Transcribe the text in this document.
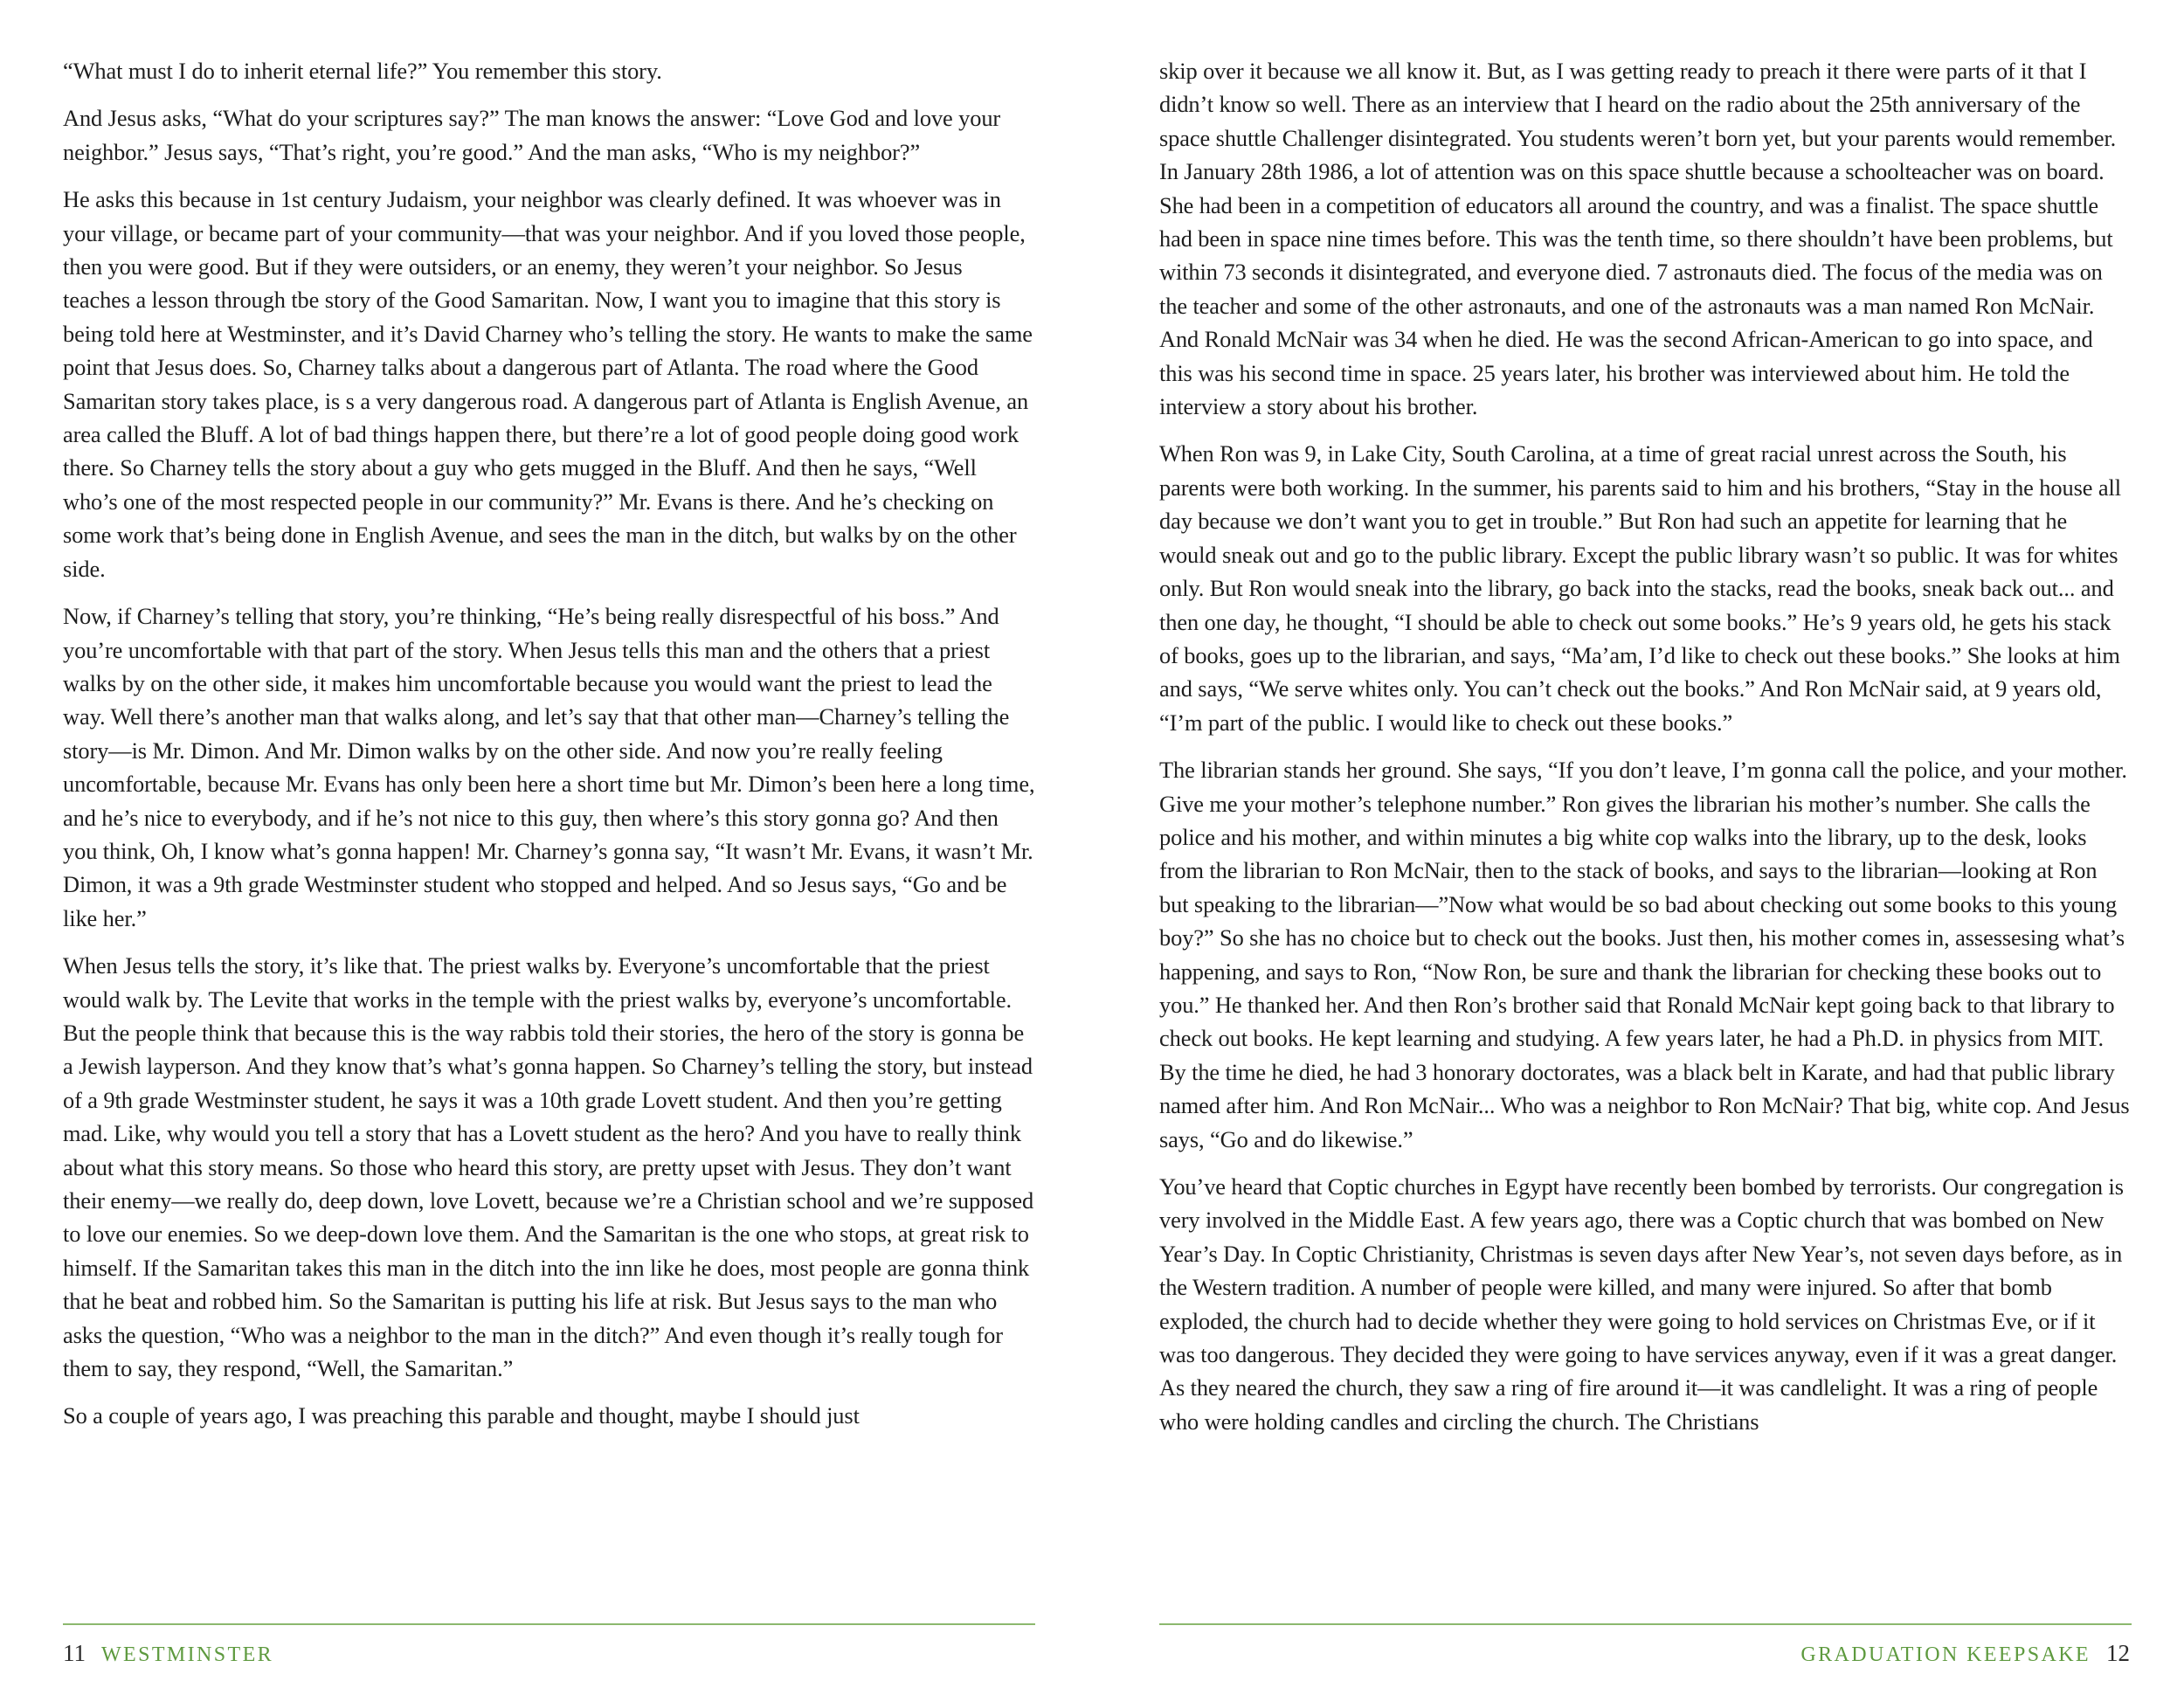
“What must I do to inherit eternal life?” You remember this story.

And Jesus asks, “What do your scriptures say?” The man knows the answer: “Love God and love your neighbor.” Jesus says, “That’s right, you’re good.” And the man asks, “Who is my neighbor?”

He asks this because in 1st century Judaism, your neighbor was clearly defined. It was whoever was in your village, or became part of your community—that was your neighbor. And if you loved those people, then you were good. But if they were outsiders, or an enemy, they weren’t your neighbor. So Jesus teaches a lesson through tbe story of the Good Samaritan. Now, I want you to imagine that this story is being told here at Westminster, and it’s David Charney who’s telling the story. He wants to make the same point that Jesus does. So, Charney talks about a dangerous part of Atlanta. The road where the Good Samaritan story takes place, is s a very dangerous road. A dangerous part of Atlanta is English Avenue, an area called the Bluff. A lot of bad things happen there, but there’re a lot of good people doing good work there. So Charney tells the story about a guy who gets mugged in the Bluff. And then he says, “Well who’s one of the most respected people in our community?” Mr. Evans is there. And he’s checking on some work that’s being done in English Avenue, and sees the man in the ditch, but walks by on the other side.

Now, if Charney’s telling that story, you’re thinking, “He’s being really disrespectful of his boss.” And you’re uncomfortable with that part of the story. When Jesus tells this man and the others that a priest walks by on the other side, it makes him uncomfortable because you would want the priest to lead the way. Well there’s another man that walks along, and let’s say that that other man—Charney’s telling the story—is Mr. Dimon. And Mr. Dimon walks by on the other side. And now you’re really feeling uncomfortable, because Mr. Evans has only been here a short time but Mr. Dimon’s been here a long time, and he’s nice to everybody, and if he’s not nice to this guy, then where’s this story gonna go? And then you think, Oh, I know what’s gonna happen! Mr. Charney’s gonna say, “It wasn’t Mr. Evans, it wasn’t Mr. Dimon, it was a 9th grade Westminster student who stopped and helped. And so Jesus says, “Go and be like her.”

When Jesus tells the story, it’s like that. The priest walks by. Everyone’s uncomfortable that the priest would walk by. The Levite that works in the temple with the priest walks by, everyone’s uncomfortable. But the people think that because this is the way rabbis told their stories, the hero of the story is gonna be a Jewish layperson. And they know that’s what’s gonna happen. So Charney’s telling the story, but instead of a 9th grade Westminster student, he says it was a 10th grade Lovett student. And then you’re getting mad. Like, why would you tell a story that has a Lovett student as the hero? And you have to really think about what this story means. So those who heard this story, are pretty upset with Jesus. They don’t want their enemy—we really do, deep down, love Lovett, because we’re a Christian school and we’re supposed to love our enemies. So we deep-down love them. And the Samaritan is the one who stops, at great risk to himself. If the Samaritan takes this man in the ditch into the inn like he does, most people are gonna think that he beat and robbed him. So the Samaritan is putting his life at risk. But Jesus says to the man who asks the question, “Who was a neighbor to the man in the ditch?” And even though it’s really tough for them to say, they respond, “Well, the Samaritan.”

So a couple of years ago, I was preaching this parable and thought, maybe I should just

11 WESTMINSTER

skip over it because we all know it. But, as I was getting ready to preach it there were parts of it that I didn’t know so well. There as an interview that I heard on the radio about the 25th anniversary of the space shuttle Challenger disintegrated. You students weren’t born yet, but your parents would remember. In January 28th 1986, a lot of attention was on this space shuttle because a schoolteacher was on board. She had been in a competition of educators all around the country, and was a finalist. The space shuttle had been in space nine times before. This was the tenth time, so there shouldn’t have been problems, but within 73 seconds it disintegrated, and everyone died. 7 astronauts died. The focus of the media was on the teacher and some of the other astronauts, and one of the astronauts was a man named Ron McNair. And Ronald McNair was 34 when he died. He was the second African-American to go into space, and this was his second time in space. 25 years later, his brother was interviewed about him. He told the interview a story about his brother.

When Ron was 9, in Lake City, South Carolina, at a time of great racial unrest across the South, his parents were both working. In the summer, his parents said to him and his brothers, “Stay in the house all day because we don’t want you to get in trouble.” But Ron had such an appetite for learning that he would sneak out and go to the public library. Except the public library wasn’t so public. It was for whites only. But Ron would sneak into the library, go back into the stacks, read the books, sneak back out... and then one day, he thought, “I should be able to check out some books.” He’s 9 years old, he gets his stack of books, goes up to the librarian, and says, “Ma’am, I’d like to check out these books.” She looks at him and says, “We serve whites only. You can’t check out the books.” And Ron McNair said, at 9 years old, “I’m part of the public. I would like to check out these books.”

The librarian stands her ground. She says, “If you don’t leave, I’m gonna call the police, and your mother. Give me your mother’s telephone number.” Ron gives the librarian his mother’s number. She calls the police and his mother, and within minutes a big white cop walks into the library, up to the desk, looks from the librarian to Ron McNair, then to the stack of books, and says to the librarian—looking at Ron but speaking to the librarian—”Now what would be so bad about checking out some books to this young boy?” So she has no choice but to check out the books. Just then, his mother comes in, assessesing what’s happening, and says to Ron, “Now Ron, be sure and thank the librarian for checking these books out to you.” He thanked her. And then Ron’s brother said that Ronald McNair kept going back to that library to check out books. He kept learning and studying. A few years later, he had a Ph.D. in physics from MIT. By the time he died, he had 3 honorary doctorates, was a black belt in Karate, and had that public library named after him. And Ron McNair... Who was a neighbor to Ron McNair? That big, white cop. And Jesus says, “Go and do likewise.”

You’ve heard that Coptic churches in Egypt have recently been bombed by terrorists. Our congregation is very involved in the Middle East. A few years ago, there was a Coptic church that was bombed on New Year’s Day. In Coptic Christianity, Christmas is seven days after New Year’s, not seven days before, as in the Western tradition. A number of people were killed, and many were injured. So after that bomb exploded, the church had to decide whether they were going to hold services on Christmas Eve, or if it was too dangerous. They decided they were going to have services anyway, even if it was a great danger. As they neared the church, they saw a ring of fire around it—it was candlelight. It was a ring of people who were holding candles and circling the church. The Christians

GRADUATION KEEPSAKE 12
